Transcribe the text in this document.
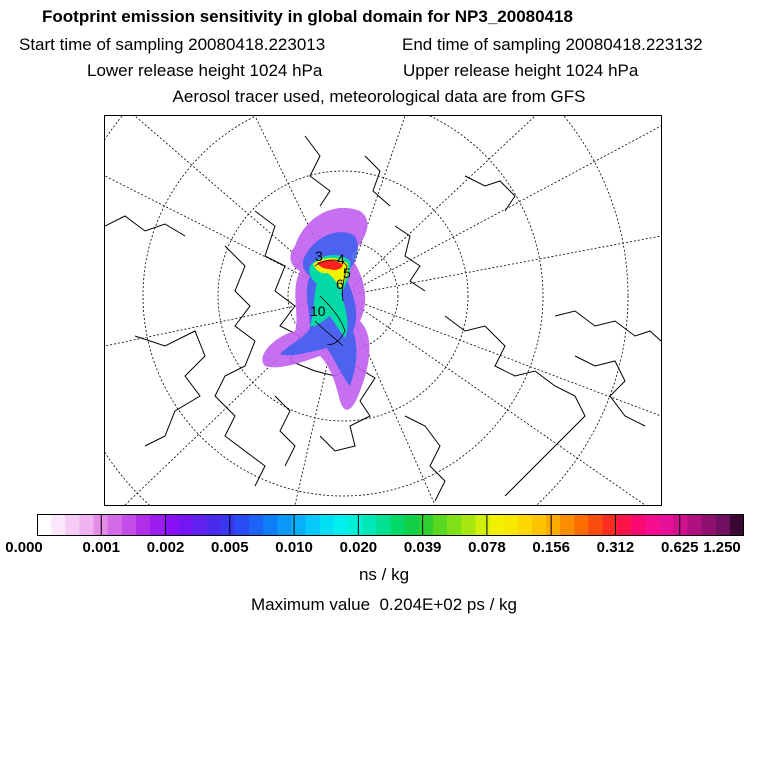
Footprint emission sensitivity in global domain for NP3_20080418
Start time of sampling 20080418.223013	End time of sampling 20080418.223132
Lower release height 1024 hPa	Upper release height 1024 hPa
Aerosol tracer used, meteorological data are from GFS
3 4
5
6
10
0.000	0.001 0.002 0.005 0.010 0.020 0.039 0.078 0.156 0.312 0.625 1.250
ns / kg
Maximum value  0.204E+02 ps / kg
